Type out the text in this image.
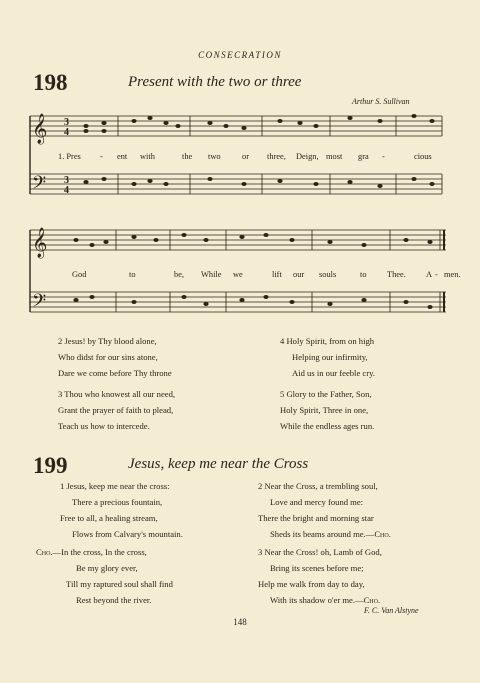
CONSECRATION
198	Present with the two or three
Arthur S. Sullivan
𝄞
𝄢
3
4
3
4
1. Pres - ent with	the two	or three, Deign, most gra -	cious
𝄞
𝄢
God	to	be, While we	lift our souls	to Thee. A - men.
2 Jesus! by Thy blood alone,
Who didst for our sins atone,
Dare we come before Thy throne
3 Thou who knowest all our need,
Grant the prayer of faith to plead,
Teach us how to intercede.
4 Holy Spirit, from on high
Helping our infirmity,
Aid us in our feeble cry.
5 Glory to the Father, Son,
Holy Spirit, Three in one,
While the endless ages run.
199	Jesus, keep me near the Cross
1 Jesus, keep me near the cross:
There a precious fountain,
Free to all, a healing stream,
Flows from Calvary's mountain.
Cho.—In the cross, In the cross,
Be my glory ever,
Till my raptured soul shall find
Rest beyond the river.
2 Near the Cross, a trembling soul,
Love and mercy found me:
There the bright and morning star
Sheds its beams around me.—Cho.
3 Near the Cross! oh, Lamb of God,
Bring its scenes before me;
Help me walk from day to day,
With its shadow o'er me.—Cho.
F. C. Van Alstyne
148
